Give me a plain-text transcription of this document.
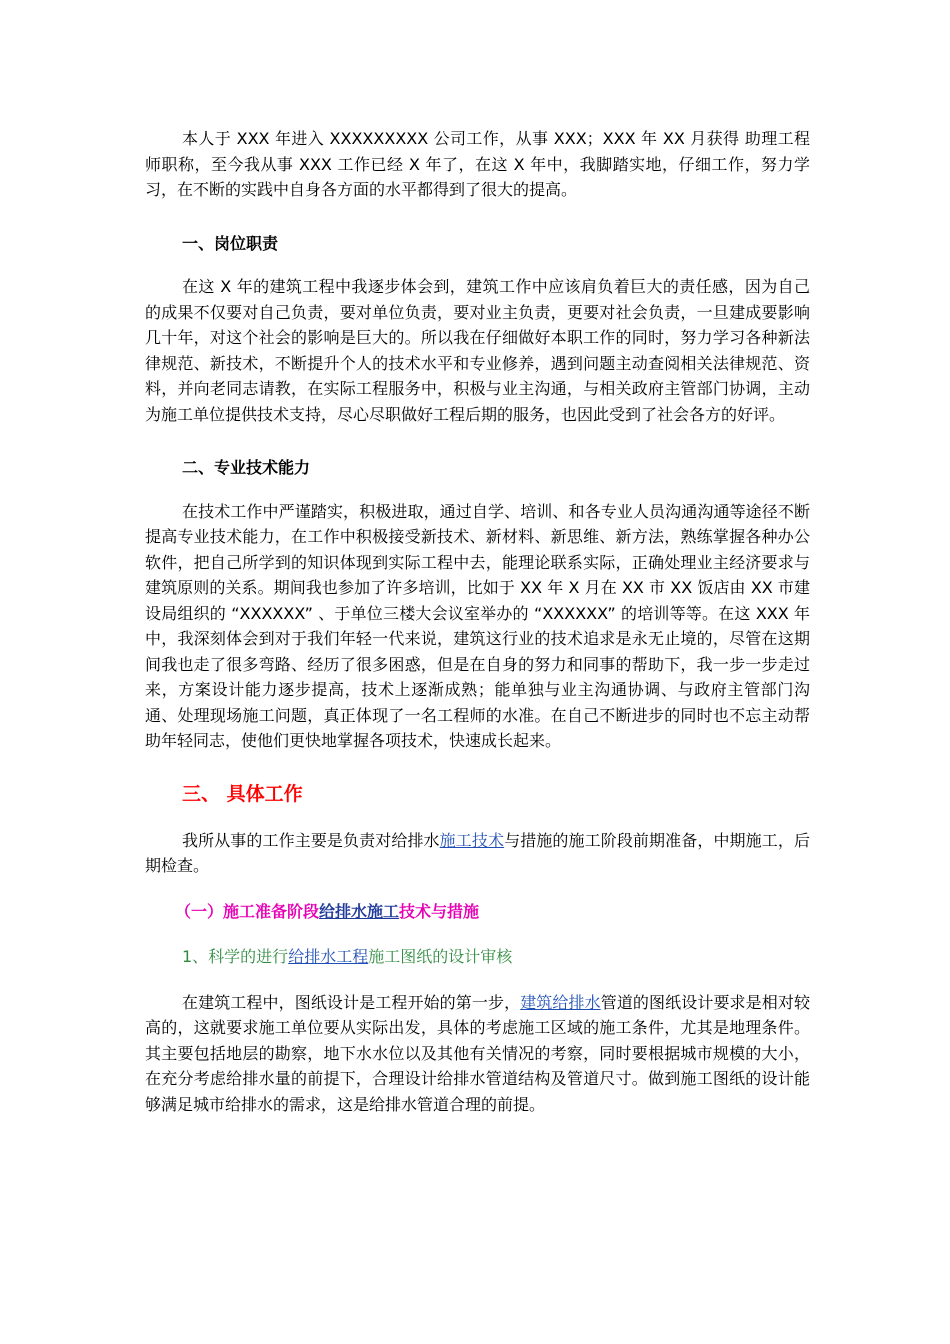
本人于 XXX 年进入 XXXXXXXXX 公司工作，从事 XXX；XXX 年 XX 月获得 助理工程师职称，至今我从事 XXX 工作已经 X 年了，在这 X 年中，我脚踏实地，仔细工作，努力学习，在不断的实践中自身各方面的水平都得到了很大的提高。

一、岗位职责

在这 X 年的建筑工程中我逐步体会到，建筑工作中应该肩负着巨大的责任感，因为自己的成果不仅要对自己负责，要对单位负责，要对业主负责，更要对社会负责，一旦建成要影响几十年，对这个社会的影响是巨大的。所以我在仔细做好本职工作的同时，努力学习各种新法律规范、新技术，不断提升个人的技术水平和专业修养，遇到问题主动查阅相关法律规范、资料，并向老同志请教，在实际工程服务中，积极与业主沟通，与相关政府主管部门协调，主动为施工单位提供技术支持，尽心尽职做好工程后期的服务，也因此受到了社会各方的好评。

二、专业技术能力

在技术工作中严谨踏实，积极进取，通过自学、培训、和各专业人员沟通沟通等途径不断提高专业技术能力，在工作中积极接受新技术、新材料、新思维、新方法，熟练掌握各种办公软件，把自己所学到的知识体现到实际工程中去，能理论联系实际，正确处理业主经济要求与建筑原则的关系。期间我也参加了许多培训，比如于 XX 年 X 月在 XX 市 XX 饭店由 XX 市建设局组织的 “XXXXXX” 、于单位三楼大会议室举办的 “XXXXXX” 的培训等等。在这 XXX 年中，我深刻体会到对于我们年轻一代来说，建筑这行业的技术追求是永无止境的，尽管在这期间我也走了很多弯路、经历了很多困惑，但是在自身的努力和同事的帮助下，我一步一步走过来，方案设计能力逐步提高，技术上逐渐成熟；能单独与业主沟通协调、与政府主管部门沟通、处理现场施工问题，真正体现了一名工程师的水准。在自己不断进步的同时也不忘主动帮助年轻同志，使他们更快地掌握各项技术，快速成长起来。

三、 具体工作

我所从事的工作主要是负责对给排水施工技术与措施的施工阶段前期准备，中期施工，后期检查。

（一）施工准备阶段给排水施工技术与措施

1、科学的进行给排水工程施工图纸的设计审核

在建筑工程中，图纸设计是工程开始的第一步，建筑给排水管道的图纸设计要求是相对较高的，这就要求施工单位要从实际出发，具体的考虑施工区域的施工条件，尤其是地理条件。其主要包括地层的勘察，地下水水位以及其他有关情况的考察，同时要根据城市规模的大小，在充分考虑给排水量的前提下，合理设计给排水管道结构及管道尺寸。做到施工图纸的设计能够满足城市给排水的需求，这是给排水管道合理的前提。
